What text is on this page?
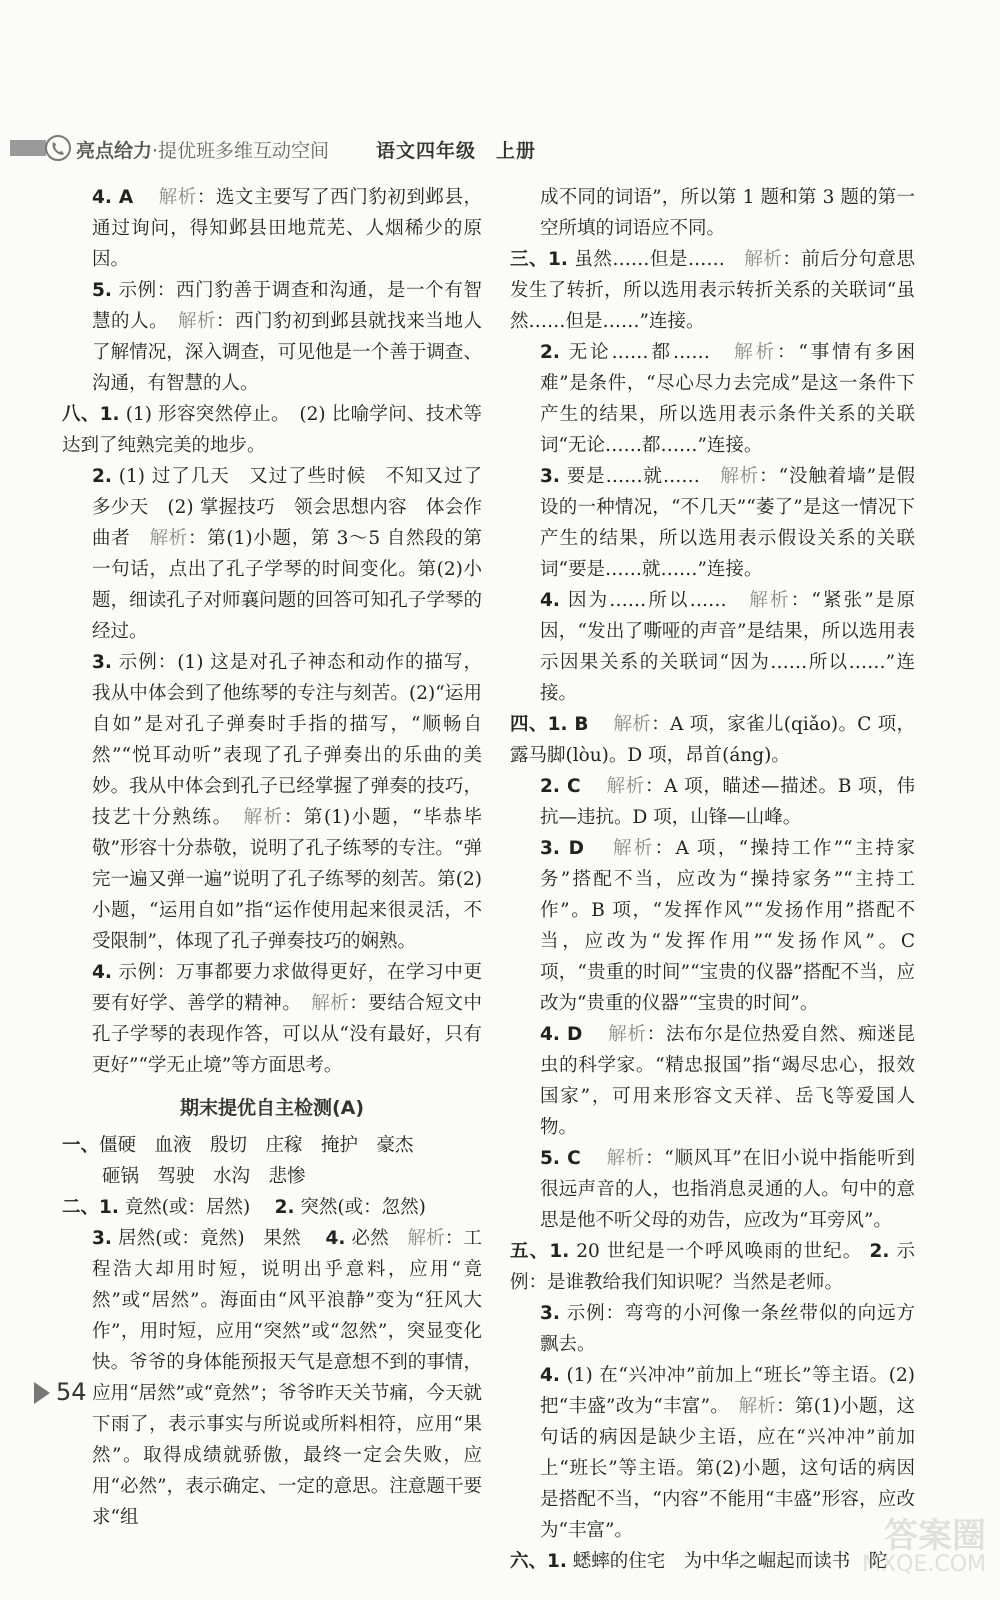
亮点给力·提优班多维互动空间 语文四年级　上册

4. A 　 解析：选文主要写了西门豹初到邺县，通过询问，得知邺县田地荒芜、人烟稀少的原因。

5. 示例：西门豹善于调查和沟通，是一个有智慧的人。　 解析：西门豹初到邺县就找来当地人了解情况，深入调查，可见他是一个善于调查、沟通，有智慧的人。

八、1. (1) 形容突然停止。　(2) 比喻学问、技术等达到了纯熟完美的地步。

2. (1) 过了几天　又过了些时候　不知又过了多少天　(2) 掌握技巧　领会思想内容　体会作曲者　 解析：第(1)小题，第 3～5 自然段的第一句话，点出了孔子学琴的时间变化。第(2)小题，细读孔子对师襄问题的回答可知孔子学琴的经过。

3. 示例：(1) 这是对孔子神态和动作的描写，我从中体会到了他练琴的专注与刻苦。(2)“运用自如”是对孔子弹奏时手指的描写，“顺畅自然”“悦耳动听”表现了孔子弹奏出的乐曲的美妙。我从中体会到孔子已经掌握了弹奏的技巧，技艺十分熟练。　 解析：第(1)小题，“毕恭毕敬”形容十分恭敬，说明了孔子练琴的专注。“弹完一遍又弹一遍”说明了孔子练琴的刻苦。第(2)小题，“运用自如”指“运作使用起来很灵活，不受限制”，体现了孔子弹奏技巧的娴熟。

4. 示例：万事都要力求做得更好，在学习中更要有好学、善学的精神。　 解析：要结合短文中孔子学琴的表现作答，可以从“没有最好，只有更好”“学无止境”等方面思考。

期末提优自主检测(A)

一、僵硬　血液　殷切　庄稼　掩护　豪杰

砸锅　驾驶　水沟　悲惨

二、1. 竟然(或：居然)　 2. 突然(或：忽然)

3. 居然(或：竟然)　果然　 4. 必然　 解析：工程浩大却用时短，说明出乎意料，应用“竟然”或“居然”。海面由“风平浪静”变为“狂风大作”，用时短，应用“突然”或“忽然”，突显变化快。爷爷的身体能预报天气是意想不到的事情，应用“居然”或“竟然”；爷爷昨天关节痛，今天就下雨了，表示事实与所说或所料相符，应用“果然”。取得成绩就骄傲，最终一定会失败，应用“必然”，表示确定、一定的意思。注意题干要求“组

成不同的词语”，所以第 1 题和第 3 题的第一空所填的词语应不同。

三、1. 虽然……但是……　 解析：前后分句意思发生了转折，所以选用表示转折关系的关联词“虽然……但是……”连接。

2. 无论……都……　 解析：“事情有多困难”是条件，“尽心尽力去完成”是这一条件下产生的结果，所以选用表示条件关系的关联词“无论……都……”连接。

3. 要是……就……　 解析：“没触着墙”是假设的一种情况，“不几天”“萎了”是这一情况下产生的结果，所以选用表示假设关系的关联词“要是……就……”连接。

4. 因为……所以……　 解析：“紧张”是原因，“发出了嘶哑的声音”是结果，所以选用表示因果关系的关联词“因为……所以……”连接。

四、1. B 　 解析：A 项，家雀儿(qiǎo)。C 项，露马脚(lòu)。D 项，昂首(áng)。

2. C 　 解析：A 项，瞄述—描述。B 项，伟抗—违抗。D 项，山锋—山峰。

3. D 　 解析：A 项，“操持工作”“主持家务”搭配不当，应改为“操持家务”“主持工作”。B 项，“发挥作风”“发扬作用”搭配不当，应改为“发挥作用”“发扬作风”。C 项，“贵重的时间”“宝贵的仪器”搭配不当，应改为“贵重的仪器”“宝贵的时间”。

4. D 　 解析：法布尔是位热爱自然、痴迷昆虫的科学家。“精忠报国”指“竭尽忠心，报效国家”，可用来形容文天祥、岳飞等爱国人物。

5. C 　 解析：“顺风耳”在旧小说中指能听到很远声音的人，也指消息灵通的人。句中的意思是他不听父母的劝告，应改为“耳旁风”。

五、1. 20 世纪是一个呼风唤雨的世纪。 2. 示例：是谁教给我们知识呢？当然是老师。

3. 示例：弯弯的小河像一条丝带似的向远方飘去。

4. (1) 在“兴冲冲”前加上“班长”等主语。(2) 把“丰盛”改为“丰富”。　 解析：第(1)小题，这句话的病因是缺少主语，应在“兴冲冲”前加上“班长”等主语。第(2)小题，这句话的病因是搭配不当，“内容”不能用“丰盛”形容，应改为“丰富”。

六、1. 蟋蟀的住宅　为中华之崛起而读书　陀

54
答案圈
MXQE.COM
